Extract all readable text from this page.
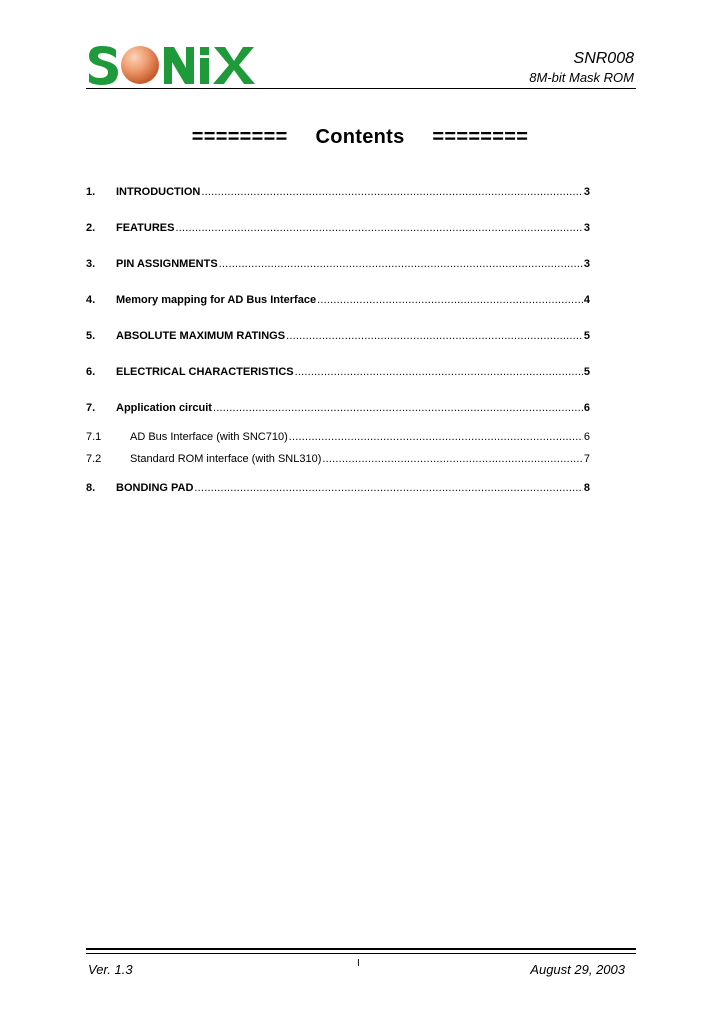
SNR008
8M-bit Mask ROM
======== Contents ========
1.	INTRODUCTION .....	3
2.	FEATURES .....	3
3.	PIN ASSIGNMENTS .....	3
4.	Memory mapping for AD Bus Interface .....	4
5.	ABSOLUTE MAXIMUM RATINGS .....	5
6.	ELECTRICAL CHARACTERISTICS .....	5
7.	Application circuit .....	6
7.1	AD Bus Interface (with SNC710) .....	6
7.2	Standard ROM interface (with SNL310) .....	7
8.	BONDING PAD .....	8
Ver. 1.3	I	August 29, 2003
